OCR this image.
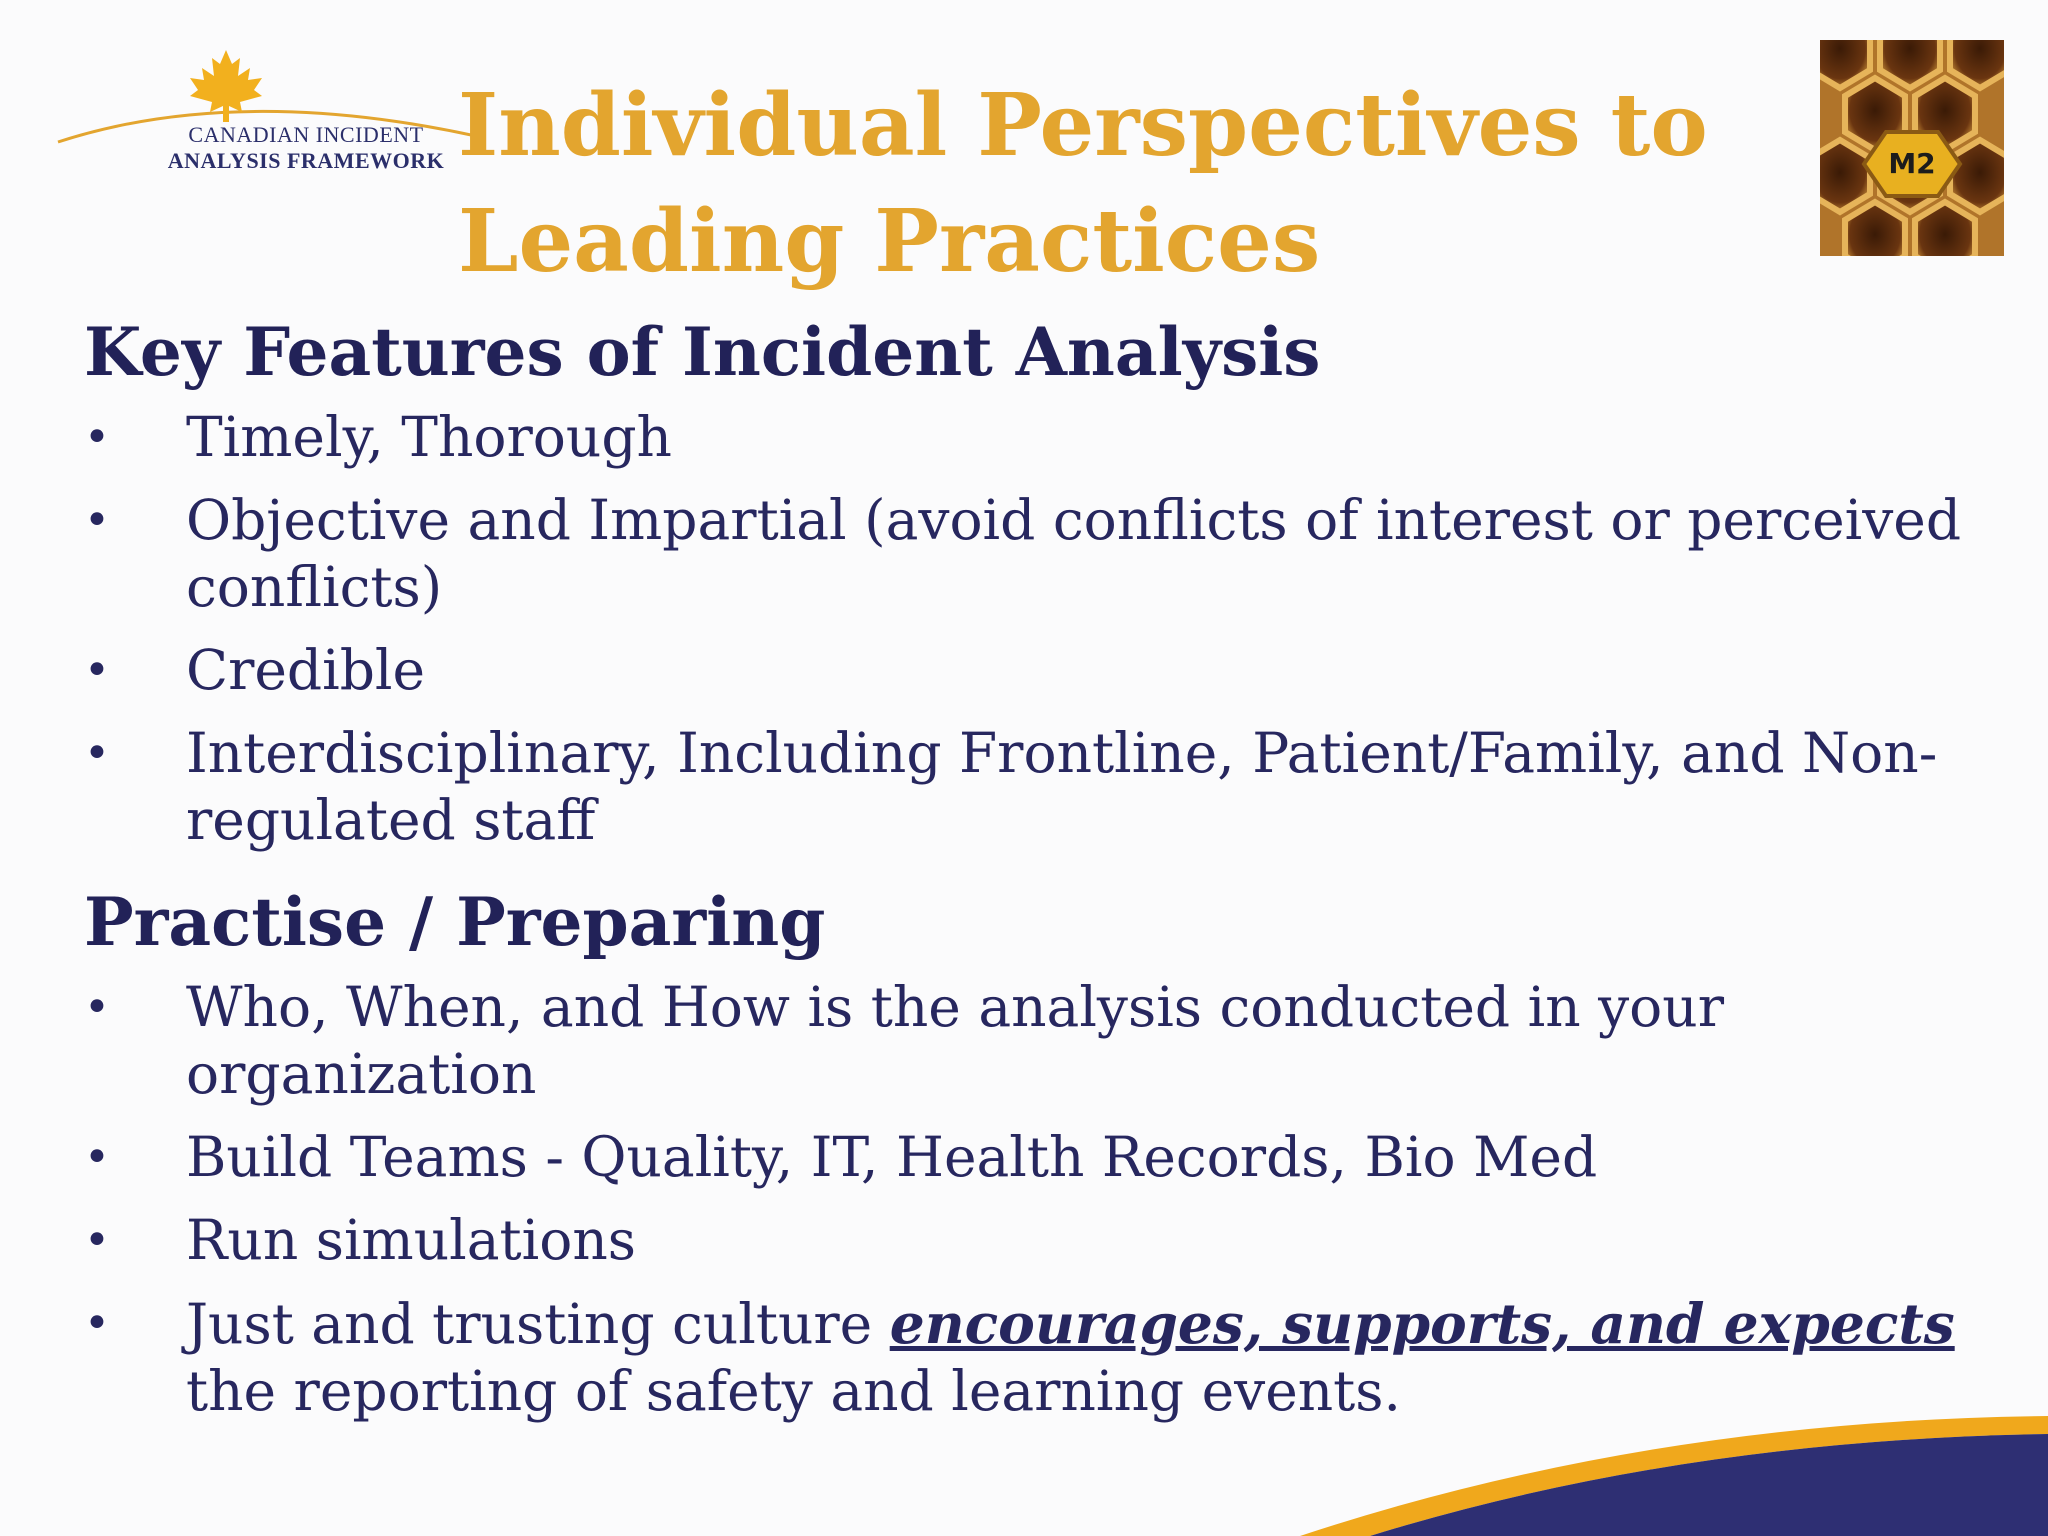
CANADIAN INCIDENT
ANALYSIS FRAMEWORK Individual Perspectives to
Leading Practices
M2
Key Features of Incident Analysis
• Timely, Thorough
• Objective and Impartial (avoid conflicts of interest or perceived conflicts)
• Credible
• Interdisciplinary, Including Frontline, Patient/Family, and Non-regulated staff
Practise / Preparing
• Who, When, and How is the analysis conducted in your organization
• Build Teams - Quality, IT, Health Records, Bio Med
• Run simulations
• Just and trusting culture encourages, supports, and expects the reporting of safety and learning events.
